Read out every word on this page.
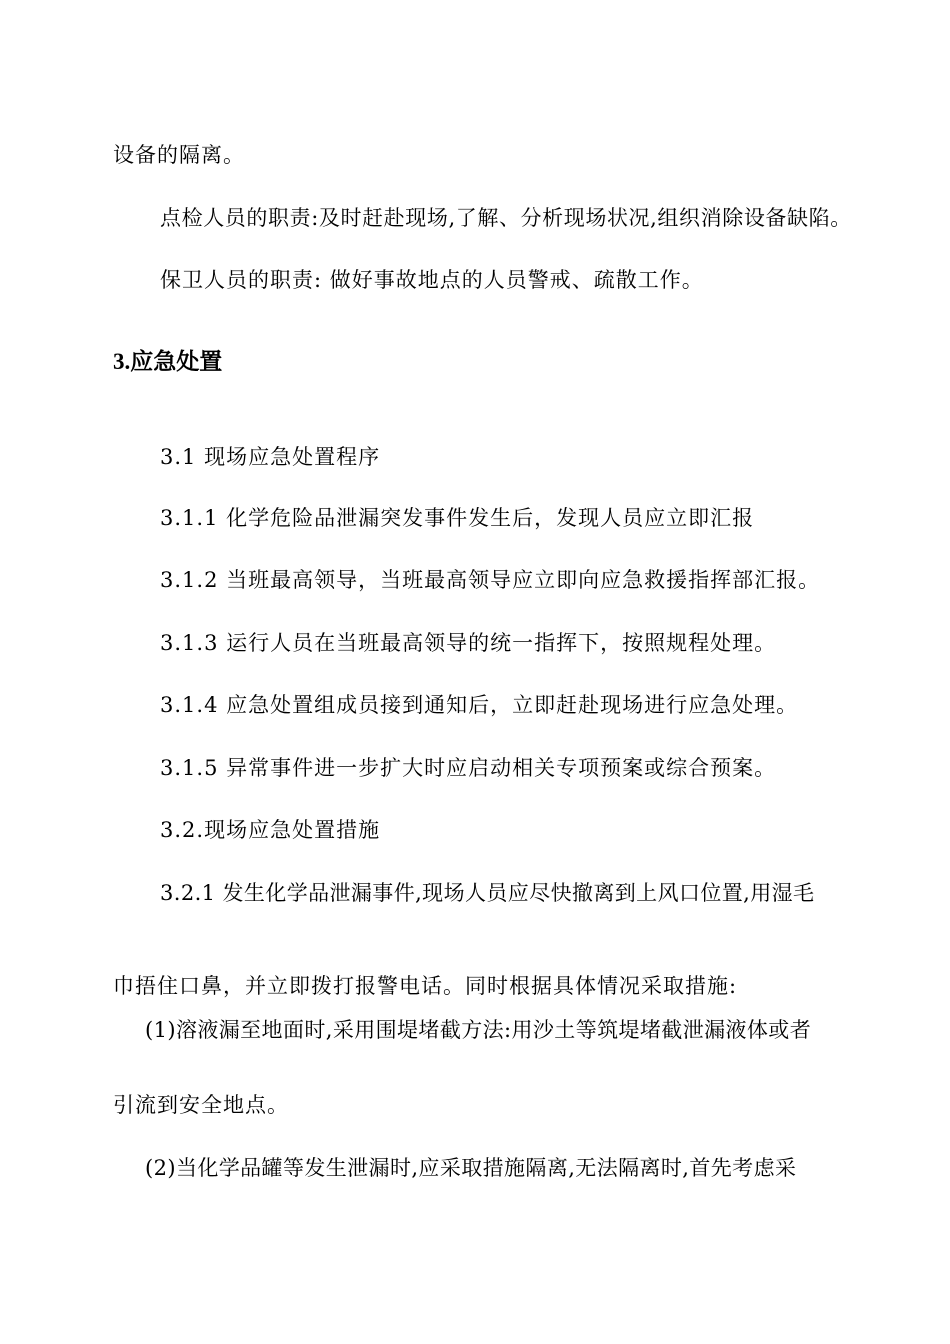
设备的隔离。
点检人员的职责:及时赶赴现场,了解、分析现场状况,组织消除设备缺陷。
保卫人员的职责: 做好事故地点的人员警戒、疏散工作。
3.应急处置
3.1 现场应急处置程序
3.1.1 化学危险品泄漏突发事件发生后，发现人员应立即汇报
3.1.2 当班最高领导，当班最高领导应立即向应急救援指挥部汇报。
3.1.3 运行人员在当班最高领导的统一指挥下，按照规程处理。
3.1.4 应急处置组成员接到通知后，立即赶赴现场进行应急处理。
3.1.5 异常事件进一步扩大时应启动相关专项预案或综合预案。
3.2.现场应急处置措施
3.2.1 发生化学品泄漏事件,现场人员应尽快撤离到上风口位置,用湿毛
巾捂住口鼻，并立即拨打报警电话。同时根据具体情况采取措施:
(1)溶液漏至地面时,采用围堤堵截方法:用沙土等筑堤堵截泄漏液体或者
引流到安全地点。
(2)当化学品罐等发生泄漏时,应采取措施隔离,无法隔离时,首先考虑采
